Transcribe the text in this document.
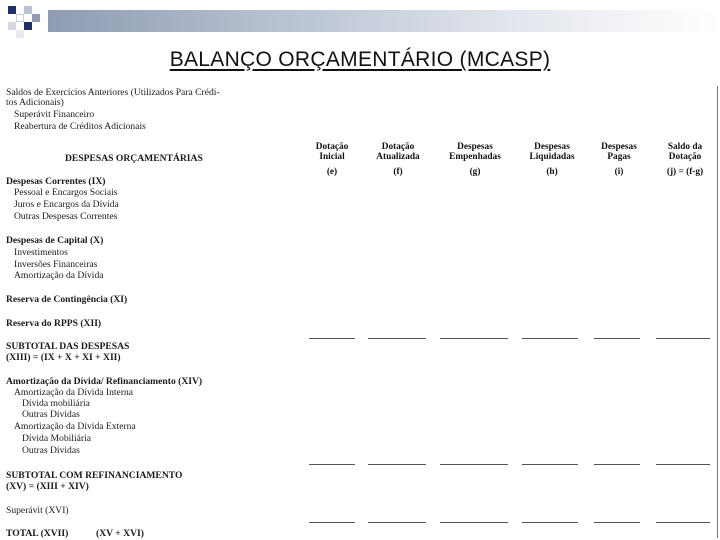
BALANÇO ORÇAMENTÁRIO (MCASP)
Saldos de Exercícios Anteriores (Utilizados Para Crédi-
tos Adicionais)
Superávit Financeiro
Reabertura de Créditos Adicionais
DESPESAS ORÇAMENTÁRIAS
Dotação
Inicial
(e)
Dotação
Atualizada
(f)
Despesas
Empenhadas
(g)
Despesas
Liquidadas
(h)
Despesas
Pagas
(i)
Saldo da
Dotação
(j) = (f-g)
Despesas Correntes (IX)
Pessoal e Encargos Sociais
Juros e Encargos da Dívida
Outras Despesas Correntes
Despesas de Capital (X)
Investimentos
Inversões Financeiras
Amortização da Dívida
Reserva de Contingência (XI)
Reserva do RPPS (XII)
SUBTOTAL DAS DESPESAS
(XIII) = (IX + X + XI + XII)
Amortização da Dívida/ Refinanciamento (XIV)
Amortização da Dívida Interna
Dívida mobiliária
Outras Dívidas
Amortização da Dívida Externa
Dívida Mobiliária
Outras Dívidas
SUBTOTAL COM REFINANCIAMENTO
(XV) = (XIII + XIV)
Superávit (XVI)
TOTAL (XVII)	(XV + XVI)
